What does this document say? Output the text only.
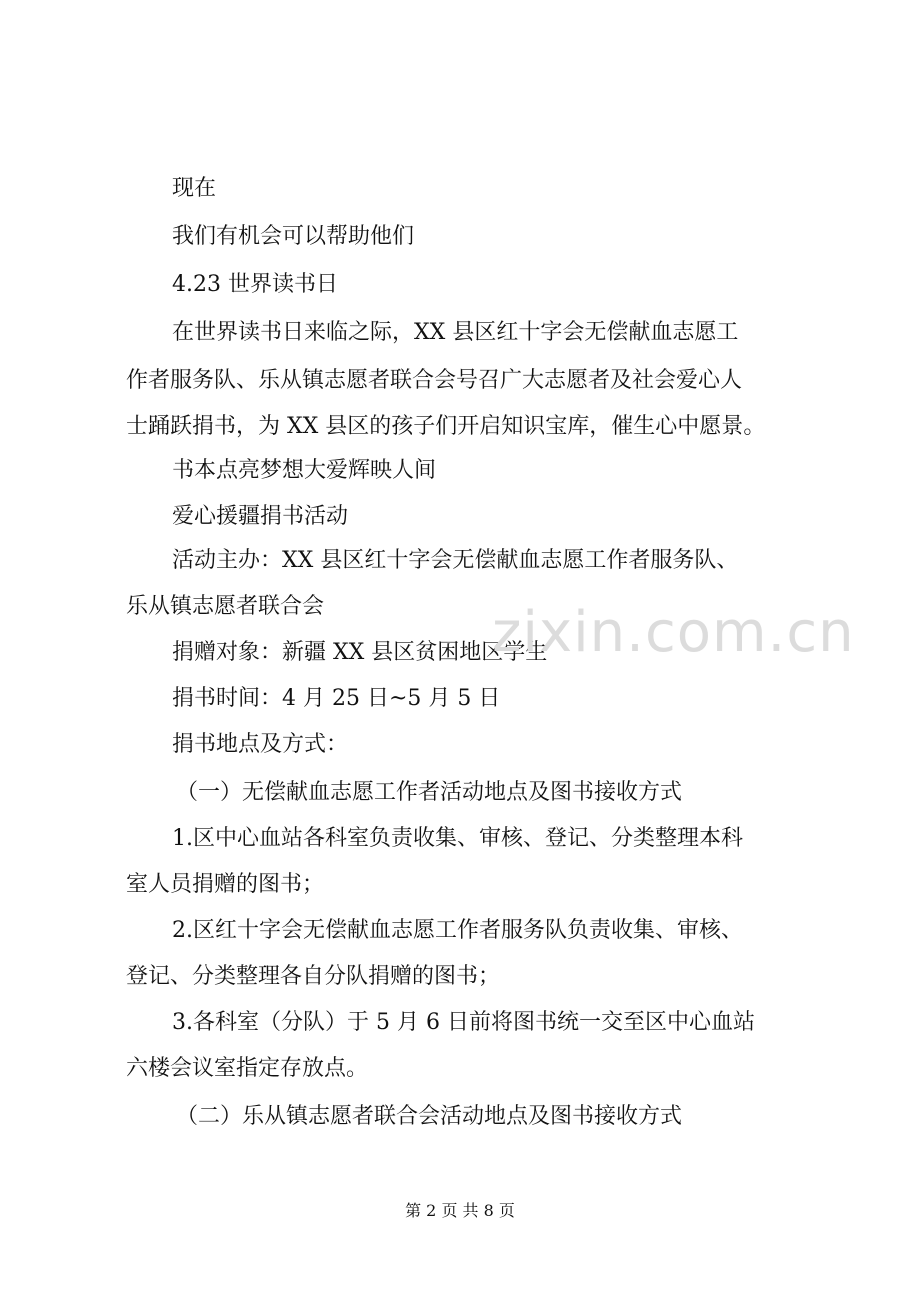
现在
我们有机会可以帮助他们
4.23 世界读书日
在世界读书日来临之际，XX 县区红十字会无偿献血志愿工
作者服务队、乐从镇志愿者联合会号召广大志愿者及社会爱心人
士踊跃捐书，为 XX 县区的孩子们开启知识宝库，催生心中愿景。
书本点亮梦想大爱辉映人间
爱心援疆捐书活动
活动主办：XX 县区红十字会无偿献血志愿工作者服务队、
乐从镇志愿者联合会
捐赠对象：新疆 XX 县区贫困地区学生
捐书时间：4 月 25 日~5 月 5 日
捐书地点及方式：
（一）无偿献血志愿工作者活动地点及图书接收方式
1.区中心血站各科室负责收集、审核、登记、分类整理本科
室人员捐赠的图书；
2.区红十字会无偿献血志愿工作者服务队负责收集、审核、
登记、分类整理各自分队捐赠的图书；
3.各科室（分队）于 5 月 6 日前将图书统一交至区中心血站
六楼会议室指定存放点。
（二）乐从镇志愿者联合会活动地点及图书接收方式
zixin.com.cn
第 2 页 共 8 页
